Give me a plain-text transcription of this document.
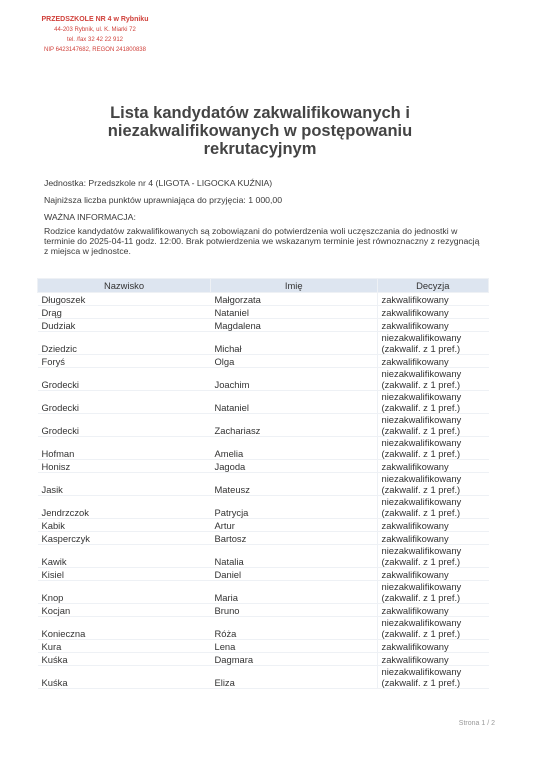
PRZEDSZKOLE NR 4 w Rybniku
44-203 Rybnik, ul. K. Miarki 72
tel. /fax 32 42 22 912
NIP 6423147682, REGON 241800838
Lista kandydatów zakwalifikowanych i niezakwalifikowanych w postępowaniu rekrutacyjnym
Jednostka: Przedszkole nr 4 (LIGOTA - LIGOCKA KUŹNIA)
Najniższa liczba punktów uprawniająca do przyjęcia: 1 000,00
WAŻNA INFORMACJA:
Rodzice kandydatów zakwalifikowanych są zobowiązani do potwierdzenia woli uczęszczania do jednostki w terminie do 2025-04-11 godz. 12:00. Brak potwierdzenia we wskazanym terminie jest równoznaczny z rezygnacją z miejsca w jednostce.
Nazwisko	Imię	Decyzja
Długoszek	Małgorzata	zakwalifikowany
Drąg	Nataniel	zakwalifikowany
Dudziak	Magdalena	zakwalifikowany
Dziedzic	Michał	niezakwalifikowany (zakwalif. z 1 pref.)
Foryś	Olga	zakwalifikowany
Grodecki	Joachim	niezakwalifikowany (zakwalif. z 1 pref.)
Grodecki	Nataniel	niezakwalifikowany (zakwalif. z 1 pref.)
Grodecki	Zachariasz	niezakwalifikowany (zakwalif. z 1 pref.)
Hofman	Amelia	niezakwalifikowany (zakwalif. z 1 pref.)
Honisz	Jagoda	zakwalifikowany
Jasik	Mateusz	niezakwalifikowany (zakwalif. z 1 pref.)
Jendrzczok	Patrycja	niezakwalifikowany (zakwalif. z 1 pref.)
Kabik	Artur	zakwalifikowany
Kasperczyk	Bartosz	zakwalifikowany
Kawik	Natalia	niezakwalifikowany (zakwalif. z 1 pref.)
Kisiel	Daniel	zakwalifikowany
Knop	Maria	niezakwalifikowany (zakwalif. z 1 pref.)
Kocjan	Bruno	zakwalifikowany
Konieczna	Róża	niezakwalifikowany (zakwalif. z 1 pref.)
Kura	Lena	zakwalifikowany
Kuśka	Dagmara	zakwalifikowany
Kuśka	Eliza	niezakwalifikowany (zakwalif. z 1 pref.)
Strona 1 / 2
